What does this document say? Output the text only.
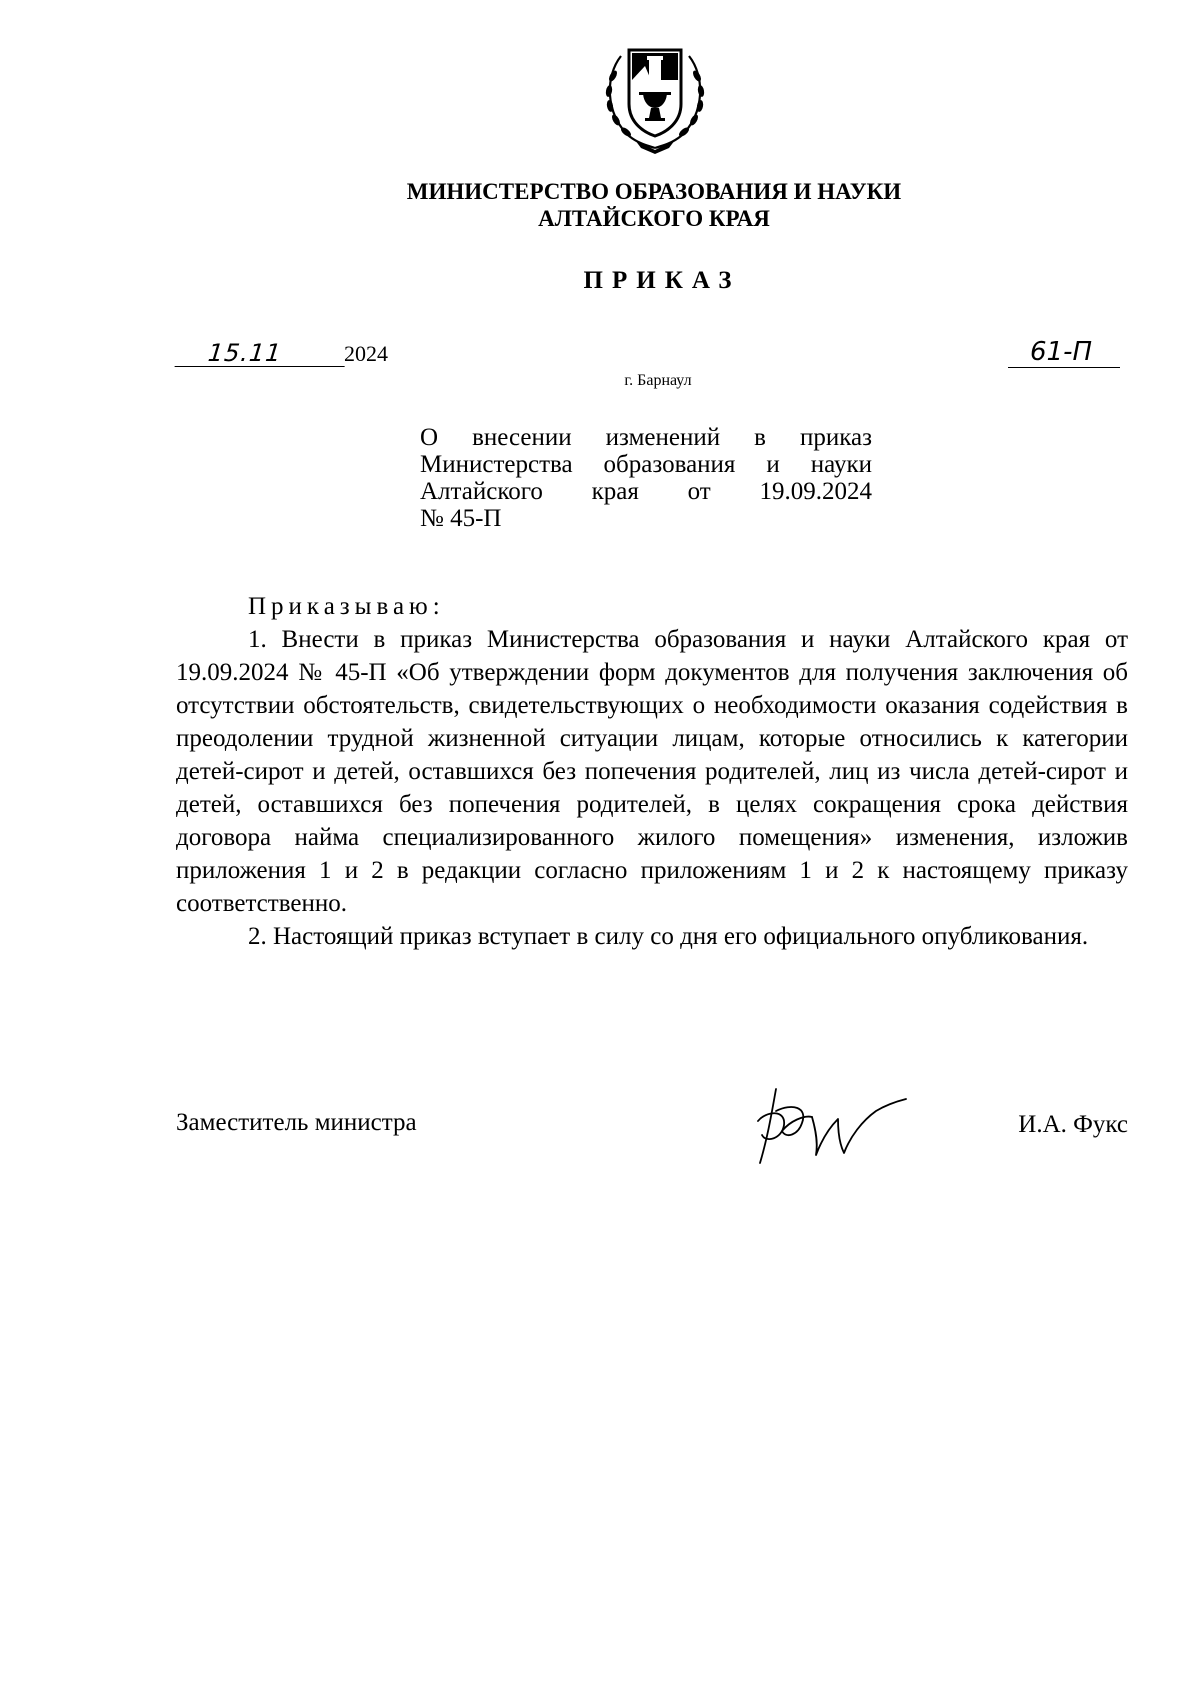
МИНИСТЕРСТВО ОБРАЗОВАНИЯ И НАУКИ
АЛТАЙСКОГО КРАЯ
ПРИКАЗ
15.11	2024	61-П
г. Барнаул
О внесении изменений в приказ
Министерства образования и науки
Алтайского края от 19.09.2024
№ 45-П
Приказываю:

1. Внести в приказ Министерства образования и науки Алтайского края от 19.09.2024 № 45-П «Об утверждении форм документов для получения заключения об отсутствии обстоятельств, свидетельствующих о необходимости оказания содействия в преодолении трудной жизненной ситуации лицам, которые относились к категории детей-сирот и детей, оставшихся без попечения родителей, лиц из числа детей-сирот и детей, оставшихся без попечения родителей, в целях сокращения срока действия договора найма специализированного жилого помещения» изменения, изложив приложения 1 и 2 в редакции согласно приложениям 1 и 2 к настоящему приказу соответственно.

2. Настоящий приказ вступает в силу со дня его официального опубликования.

Заместитель министра	И.А. Фукс
